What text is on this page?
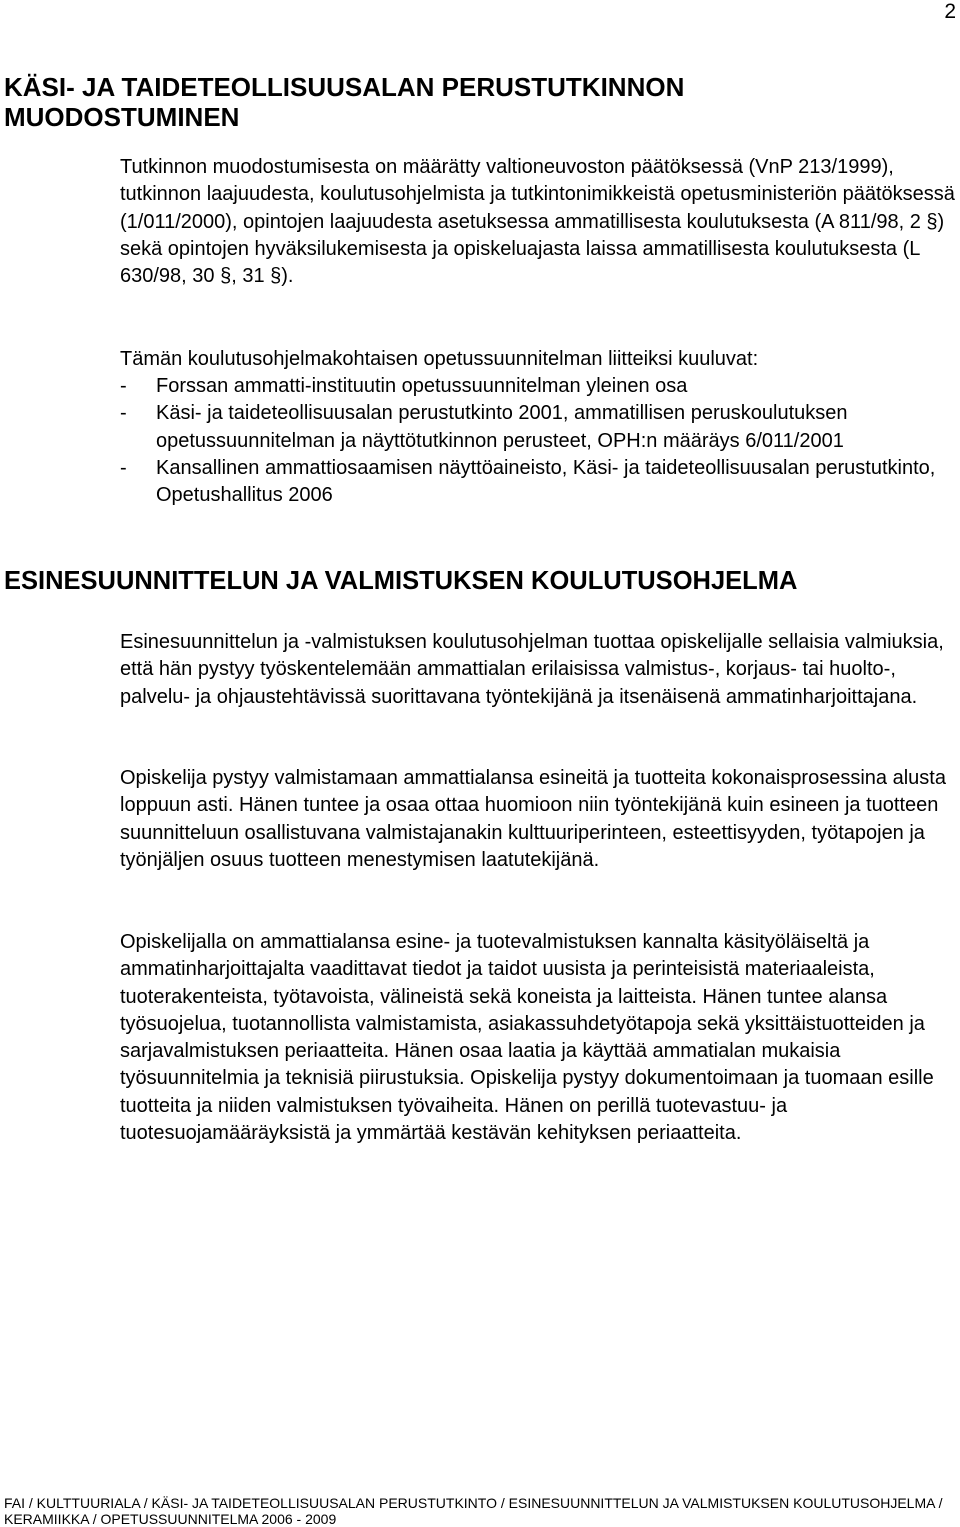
2
KÄSI- JA TAIDETEOLLISUUSALAN PERUSTUTKINNON MUODOSTUMINEN

Tutkinnon muodostumisesta on määrätty valtioneuvoston päätöksessä (VnP 213/1999), tutkinnon laajuudesta, koulutusohjelmista ja tutkintonimikkeistä opetusministeriön päätöksessä (1/011/2000), opintojen laajuudesta asetuksessa ammatillisesta koulutuksesta (A 811/98, 2 §) sekä opintojen hyväksilukemisesta ja opiskeluajasta laissa ammatillisesta koulutuksesta (L 630/98, 30 §, 31 §).

Tämän koulutusohjelmakohtaisen opetussuunnitelman liitteiksi kuuluvat:

- Forssan ammatti-instituutin opetussuunnitelman yleinen osa
- Käsi- ja taideteollisuusalan perustutkinto 2001, ammatillisen peruskoulutuksen opetussuunnitelman ja näyttötutkinnon perusteet, OPH:n määräys 6/011/2001
- Kansallinen ammattiosaamisen näyttöaineisto, Käsi- ja taideteollisuusalan perustutkinto, Opetushallitus 2006
ESINESUUNNITTELUN JA VALMISTUKSEN KOULUTUSOHJELMA

Esinesuunnittelun ja -valmistuksen koulutusohjelman tuottaa opiskelijalle sellaisia valmiuksia, että hän pystyy työskentelemään ammattialan erilaisissa valmistus-, korjaus- tai huolto-, palvelu- ja ohjaustehtävissä suorittavana työntekijänä ja itsenäisenä ammatinharjoittajana.

Opiskelija pystyy valmistamaan ammattialansa esineitä ja tuotteita kokonaisprosessina alusta loppuun asti. Hänen tuntee ja osaa ottaa huomioon niin työntekijänä kuin esineen ja tuotteen suunnitteluun osallistuvana valmistajanakin kulttuuriperinteen, esteettisyyden, työtapojen ja työnjäljen osuus tuotteen menestymisen laatutekijänä.

Opiskelijalla on ammattialansa esine- ja tuotevalmistuksen kannalta käsityöläiseltä ja ammatinharjoittajalta vaadittavat tiedot ja taidot uusista ja perinteisistä materiaaleista, tuoterakenteista, työtavoista, välineistä sekä koneista ja laitteista. Hänen tuntee alansa työsuojelua, tuotannollista valmistamista, asiakassuhdetyötapoja sekä yksittäistuotteiden ja sarjavalmistuksen periaatteita. Hänen osaa laatia ja käyttää ammatialan mukaisia työsuunnitelmia ja teknisiä piirustuksia. Opiskelija pystyy dokumentoimaan ja tuomaan esille tuotteita ja niiden valmistuksen työvaiheita. Hänen on perillä tuotevastuu- ja tuotesuojamääräyksistä ja ymmärtää kestävän kehityksen periaatteita.

FAI / KULTTUURIALA / KÄSI- JA TAIDETEOLLISUUSALAN PERUSTUTKINTO / ESINESUUNNITTELUN JA VALMISTUKSEN KOULUTUSOHJELMA / KERAMIIKKA / OPETUSSUUNNITELMA 2006 - 2009
